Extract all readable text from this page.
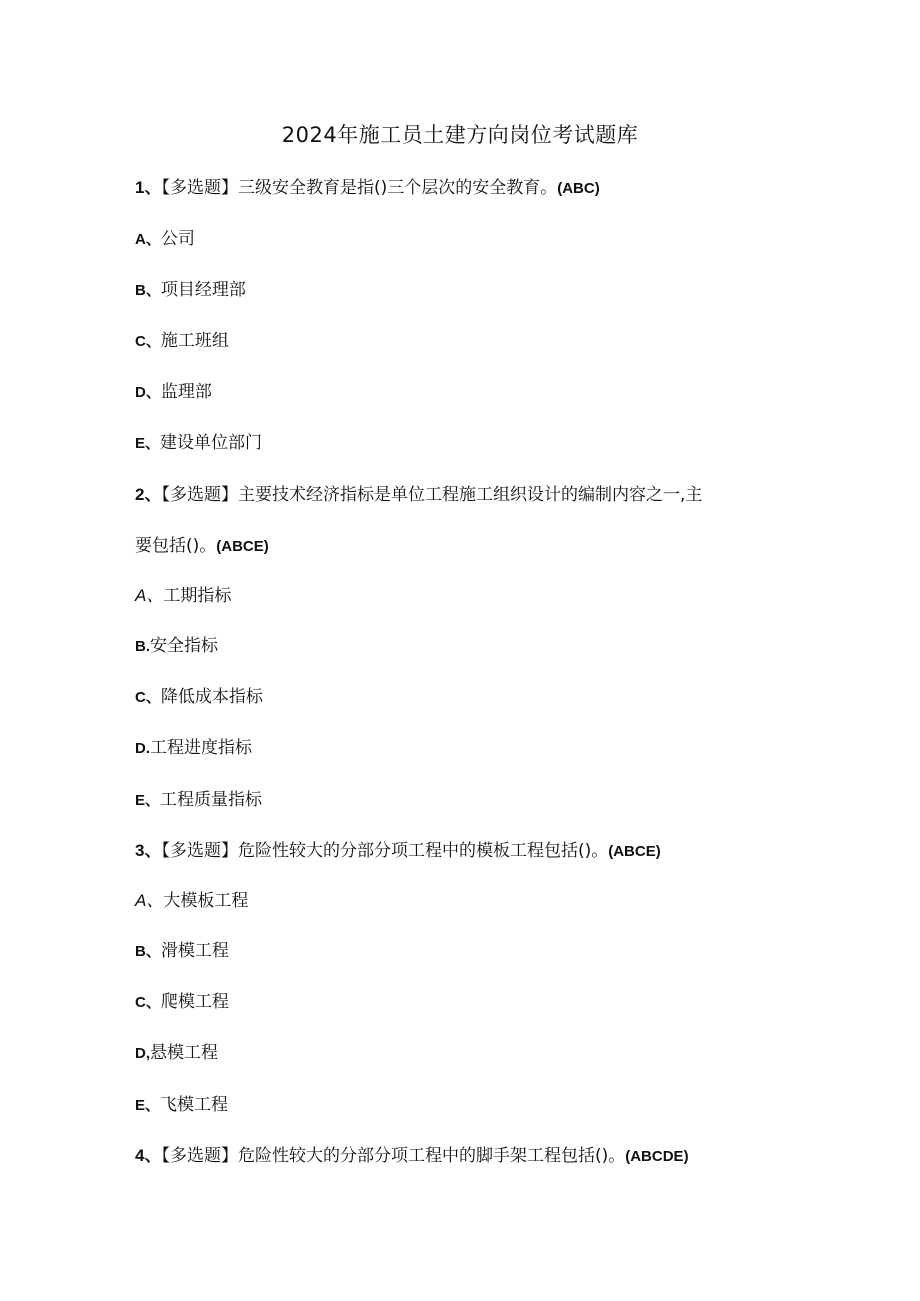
2024年施工员土建方向岗位考试题库
1、【多选题】三级安全教育是指()三个层次的安全教育。(ABC)
A、公司
B、项目经理部
C、施工班组
D、监理部
E、建设单位部门
2、【多选题】主要技术经济指标是单位工程施工组织设计的编制内容之一,主
要包括()。(ABCE)
A、工期指标
B.安全指标
C、降低成本指标
D.工程进度指标
E、工程质量指标
3、【多选题】危险性较大的分部分项工程中的模板工程包括()。(ABCE)
A、大模板工程
B、滑模工程
C、爬模工程
D,悬模工程
E、飞模工程
4、【多选题】危险性较大的分部分项工程中的脚手架工程包括()。(ABCDE)
